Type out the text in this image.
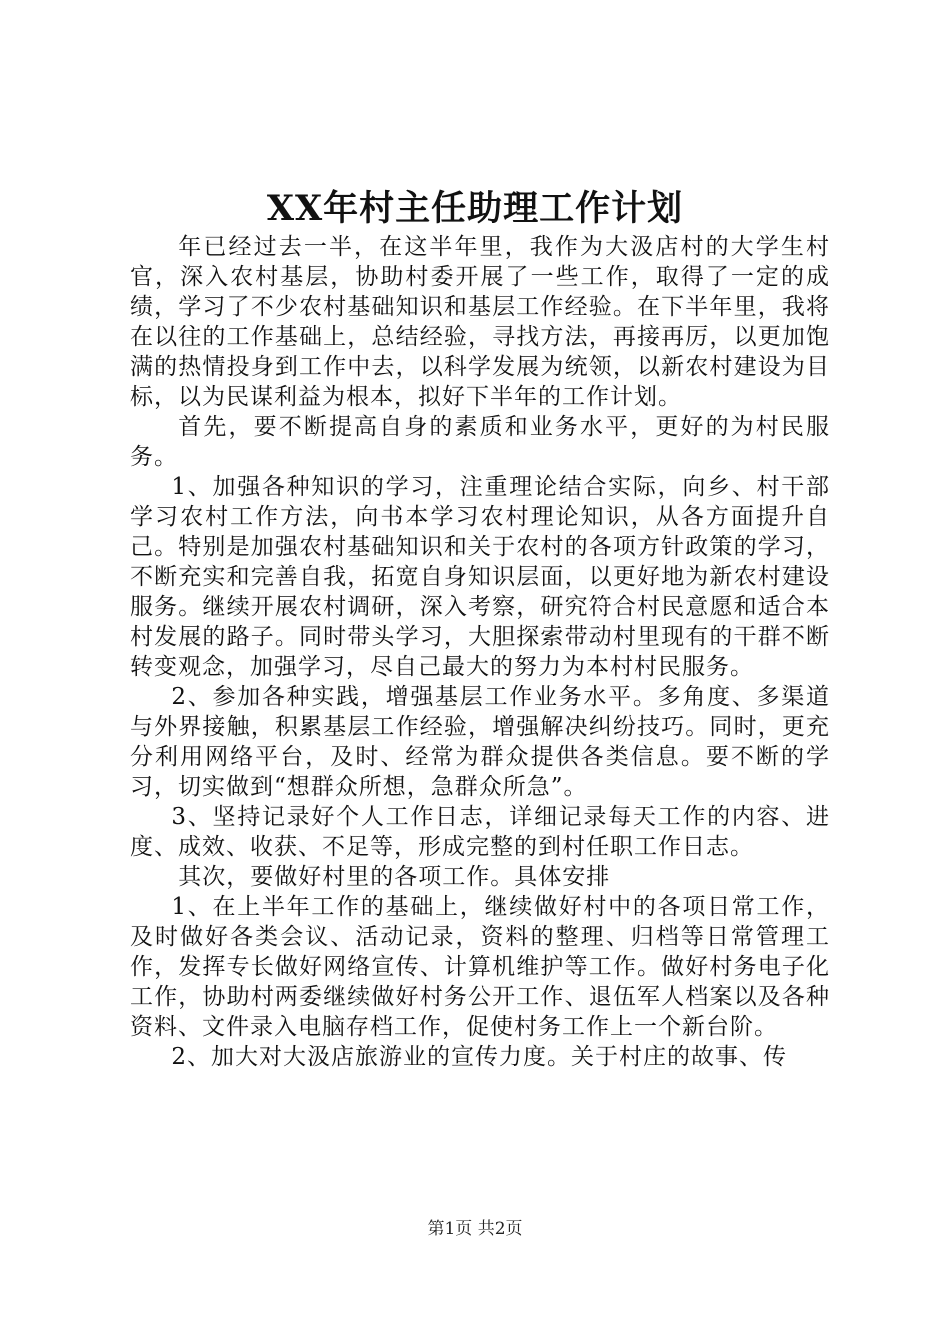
XX年村主任助理工作计划

年已经过去一半，在这半年里，我作为大汲店村的大学生村官，深入农村基层，协助村委开展了一些工作，取得了一定的成绩，学习了不少农村基础知识和基层工作经验。在下半年里，我将在以往的工作基础上，总结经验，寻找方法，再接再厉，以更加饱满的热情投身到工作中去，以科学发展为统领，以新农村建设为目标，以为民谋利益为根本，拟好下半年的工作计划。

首先，要不断提高自身的素质和业务水平，更好的为村民服务。

1、加强各种知识的学习，注重理论结合实际，向乡、村干部学习农村工作方法，向书本学习农村理论知识，从各方面提升自己。特别是加强农村基础知识和关于农村的各项方针政策的学习，不断充实和完善自我，拓宽自身知识层面，以更好地为新农村建设服务。继续开展农村调研，深入考察，研究符合村民意愿和适合本村发展的路子。同时带头学习，大胆探索带动村里现有的干群不断转变观念，加强学习，尽自己最大的努力为本村村民服务。

2、参加各种实践，增强基层工作业务水平。多角度、多渠道与外界接触，积累基层工作经验，增强解决纠纷技巧。同时，更充分利用网络平台，及时、经常为群众提供各类信息。要不断的学习，切实做到“想群众所想，急群众所急”。

3、坚持记录好个人工作日志，详细记录每天工作的内容、进度、成效、收获、不足等，形成完整的到村任职工作日志。

其次，要做好村里的各项工作。具体安排

1、在上半年工作的基础上，继续做好村中的各项日常工作，及时做好各类会议、活动记录，资料的整理、归档等日常管理工作，发挥专长做好网络宣传、计算机维护等工作。做好村务电子化工作，协助村两委继续做好村务公开工作、退伍军人档案以及各种资料、文件录入电脑存档工作，促使村务工作上一个新台阶。

2、加大对大汲店旅游业的宣传力度。关于村庄的故事、传

第1页 共2页
